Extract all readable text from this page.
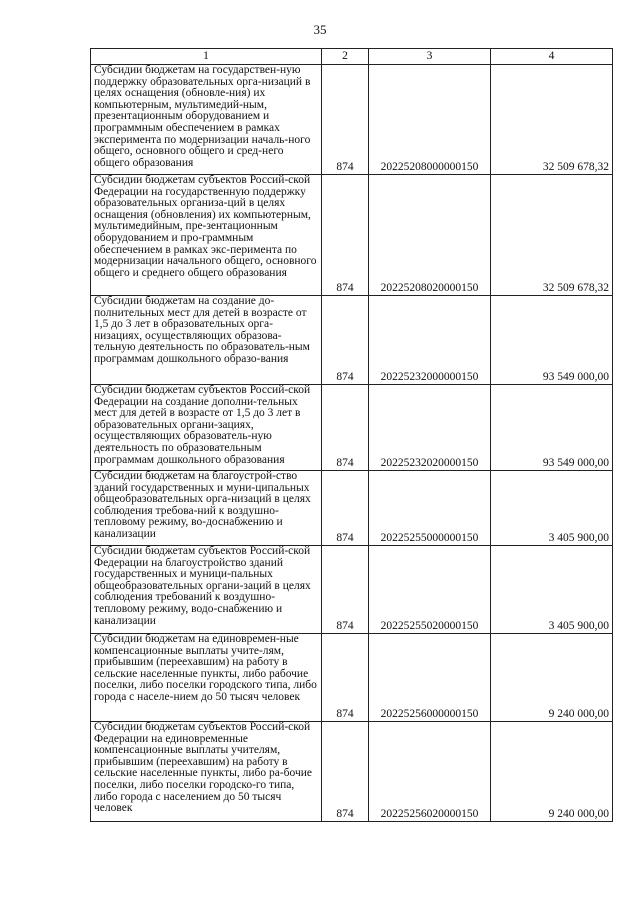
35
1	2	3	4
Субсидии бюджетам на государствен-ную поддержку образовательных орга-низаций в целях оснащения (обновле-ния) их компьютерным, мультимедий-ным, презентационным оборудованием и программным обеспечением в рамках эксперимента по модернизации началь-ного общего, основного общего и сред-него общего образования	874	20225208000000150	32 509 678,32
Субсидии бюджетам субъектов Россий-ской Федерации на государственную поддержку образовательных организа-ций в целях оснащения (обновления) их компьютерным, мультимедийным, пре-зентационным оборудованием и про-граммным обеспечением в рамках экс-перимента по модернизации начального общего, основного общего и среднего общего образования	874	20225208020000150	32 509 678,32
Субсидии бюджетам на создание до-полнительных мест для детей в возрасте от 1,5 до 3 лет в образовательных орга-низациях, осуществляющих образова-тельную деятельность по образователь-ным программам дошкольного образо-вания	874	20225232000000150	93 549 000,00
Субсидии бюджетам субъектов Россий-ской Федерации на создание дополни-тельных мест для детей в возрасте от 1,5 до 3 лет в образовательных органи-зациях, осуществляющих образователь-ную деятельность по образовательным программам дошкольного образования	874	20225232020000150	93 549 000,00
Субсидии бюджетам на благоустрой-ство зданий государственных и муни-ципальных общеобразовательных орга-низаций в целях соблюдения требова-ний к воздушно-тепловому режиму, во-доснабжению и канализации	874	20225255000000150	3 405 900,00
Субсидии бюджетам субъектов Россий-ской Федерации на благоустройство зданий государственных и муници-пальных общеобразовательных органи-заций в целях соблюдения требований к воздушно-тепловому режиму, водо-снабжению и канализации	874	20225255020000150	3 405 900,00
Субсидии бюджетам на единовремен-ные компенсационные выплаты учите-лям, прибывшим (переехавшим) на работу в сельские населенные пункты, либо рабочие поселки, либо поселки городского типа, либо города с населе-нием до 50 тысяч человек	874	20225256000000150	9 240 000,00
Субсидии бюджетам субъектов Россий-ской Федерации на единовременные компенсационные выплаты учителям, прибывшим (переехавшим) на работу в сельские населенные пункты, либо ра-бочие поселки, либо поселки городско-го типа, либо города с населением до 50 тысяч человек	874	20225256020000150	9 240 000,00
